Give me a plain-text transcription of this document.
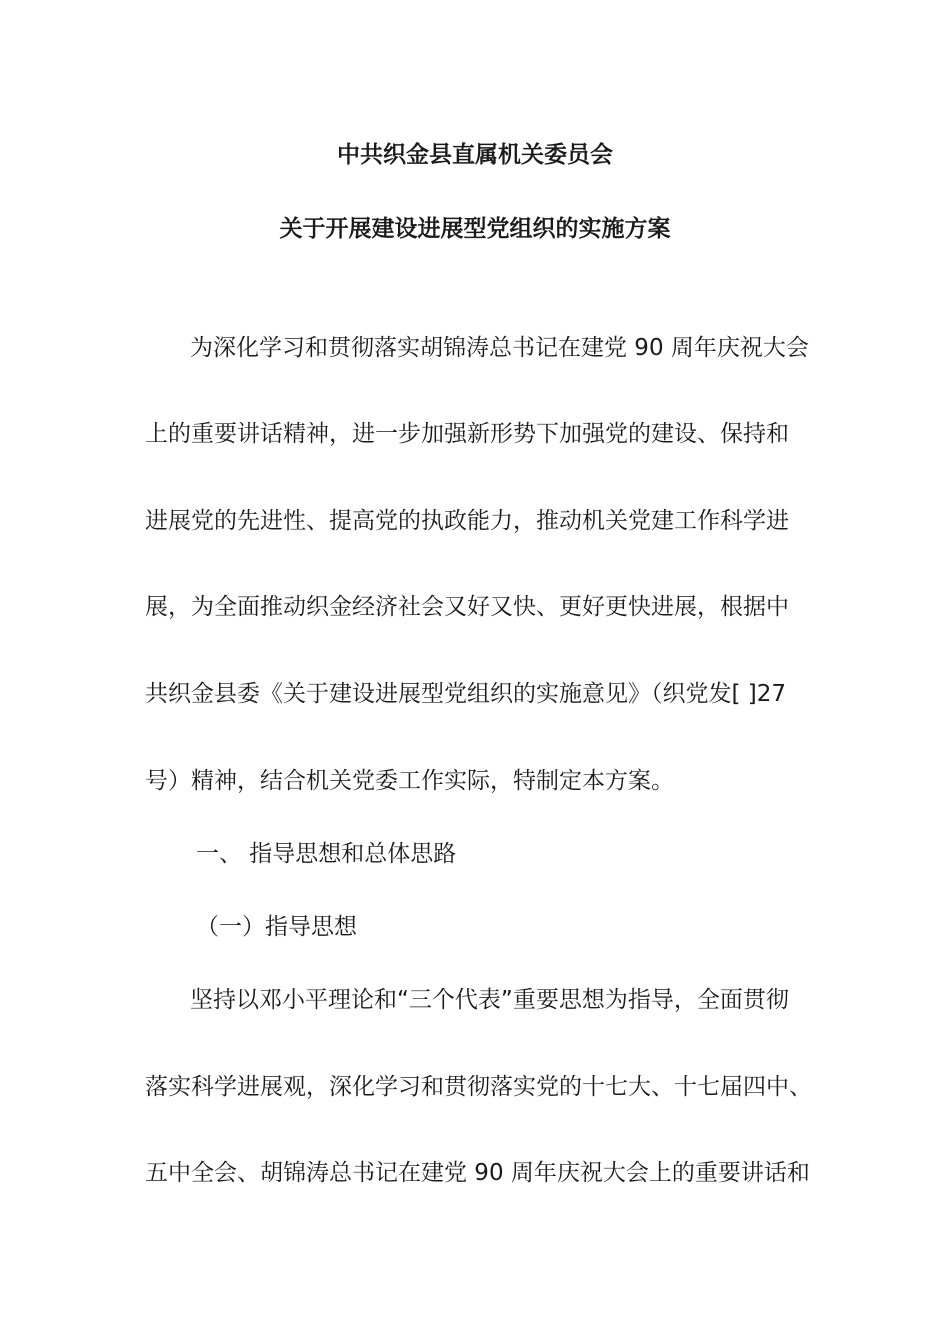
中共织金县直属机关委员会
关于开展建设进展型党组织的实施方案
为深化学习和贯彻落实胡锦涛总书记在建党 90 周年庆祝大会
上的重要讲话精神，进一步加强新形势下加强党的建设、保持和
进展党的先进性、提高党的执政能力，推动机关党建工作科学进
展，为全面推动织金经济社会又好又快、更好更快进展，根据中
共织金县委《关于建设进展型党组织的实施意见》（织党发[ ]27
号）精神，结合机关党委工作实际，特制定本方案。
一、 指导思想和总体思路
（一）指导思想
坚持以邓小平理论和“三个代表”重要思想为指导，全面贯彻
落实科学进展观，深化学习和贯彻落实党的十七大、十七届四中、
五中全会、胡锦涛总书记在建党 90 周年庆祝大会上的重要讲话和
